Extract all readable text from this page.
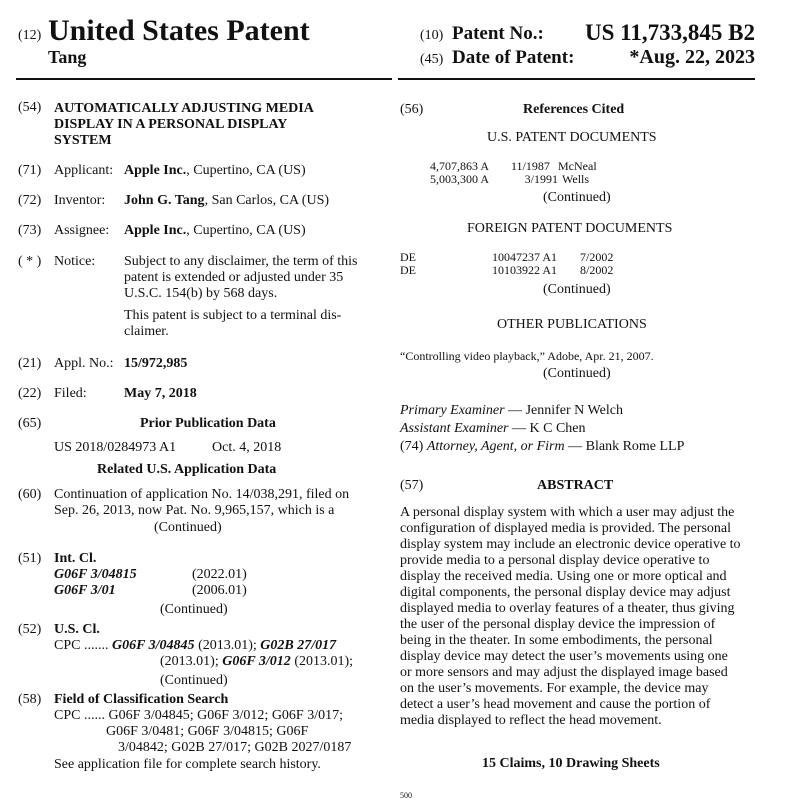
(12) United States Patent
Tang
(10) Patent No.: US 11,733,845 B2
(45) Date of Patent:	*Aug. 22, 2023
(54) AUTOMATICALLY ADJUSTING MEDIA
DISPLAY IN A PERSONAL DISPLAY
SYSTEM
(71) Applicant: Apple Inc., Cupertino, CA (US)
(72) Inventor: John G. Tang, San Carlos, CA (US)
(73) Assignee: Apple Inc., Cupertino, CA (US)
( * ) Notice: Subject to any disclaimer, the term of this
patent is extended or adjusted under 35
U.S.C. 154(b) by 568 days.
This patent is subject to a terminal dis-
claimer.
(21) Appl. No.: 15/972,985
(22) Filed:	May 7, 2018
(65)	Prior Publication Data
US 2018/0284973 A1	Oct. 4, 2018
Related U.S. Application Data
(60) Continuation of application No. 14/038,291, filed on
Sep. 26, 2013, now Pat. No. 9,965,157, which is a
(Continued)
(51) Int. Cl.
G06F 3/04815	(2022.01)
G06F 3/01	(2006.01)
(Continued)
(52) U.S. Cl.
CPC ....... G06F 3/04845 (2013.01); G02B 27/017
(2013.01); G06F 3/012 (2013.01);
(Continued)
(58) Field of Classification Search
CPC ...... G06F 3/04845; G06F 3/012; G06F 3/017;
G06F 3/0481; G06F 3/04815; G06F
3/04842; G02B 27/017; G02B 2027/0187
See application file for complete search history.
(56)	References Cited
U.S. PATENT DOCUMENTS
4,707,863 A 11/1987 McNeal
5,003,300 A	3/1991 Wells
(Continued)
FOREIGN PATENT DOCUMENTS
DE	10047237 A1 7/2002
DE	10103922 A1 8/2002
(Continued)
OTHER PUBLICATIONS
“Controlling video playback,” Adobe, Apr. 21, 2007.
(Continued)
Primary Examiner — Jennifer N Welch
Assistant Examiner — K C Chen
(74) Attorney, Agent, or Firm — Blank Rome LLP
(57)	ABSTRACT
A personal display system with which a user may adjust the
configuration of displayed media is provided. The personal
display system may include an electronic device operative to
provide media to a personal display device operative to
display the received media. Using one or more optical and
digital components, the personal display device may adjust
displayed media to overlay features of a theater, thus giving
the user of the personal display device the impression of
being in the theater. In some embodiments, the personal
display device may detect the user’s movements using one
or more sensors and may adjust the displayed image based
on the user’s movements. For example, the device may
detect a user’s head movement and cause the portion of
media displayed to reflect the head movement.
15 Claims, 10 Drawing Sheets
500
